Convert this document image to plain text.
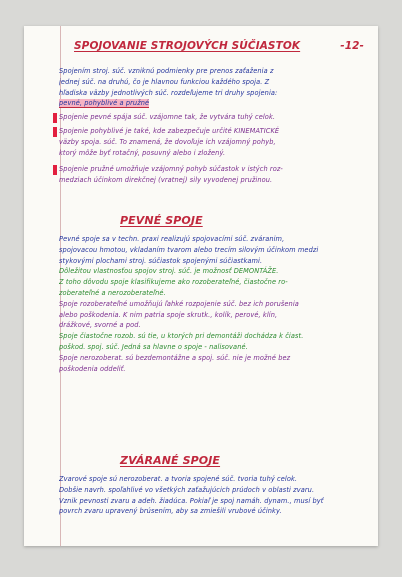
SPOJOVANIE STROJOVÝCH SÚČIASTOK	-12-
Spojením stroj. súč. vzniknú podmienky pre prenos zaťaženia z
jednej súč. na druhú, čo je hlavnou funkciou každého spoja. Z
hľadiska väzby jednotlivých súč. rozdeľujeme tri druhy spojenia:
pevné, pohyblivé a pružné
Spojenie pevné spája súč. vzájomne tak, že vytvára tuhý celok.
Spojenie pohyblivé je také, kde zabezpečuje určité KINEMATICKÉ
väzby spoja. súč. To znamená, že dovoľuje ich vzájomný pohyb,
ktorý môže byť rotačný, posuvný alebo i zložený.
Spojenie pružné umožňuje vzájomný pohyb súčastok v istých roz-
medziach účinkom direkčnej (vratnej) sily vyvodenej pružinou.
PEVNÉ SPOJE
Pevné spoje sa v techn. praxi realizujú spojovacími súč. zváranim,
spojovacou hmotou, vkladaním tvarom alebo trecím silovým účinkom medzi
stykovými plochami stroj. súčiastok spojenými súčiastkami.
Dôležitou vlastnosťou spojov stroj. súč. je možnosť DEMONTÁŽE.
Z toho dôvodu spoje klasifikujeme ako rozoberateľné, čiastočne ro-
zoberateľné a nerozoberateľné.
Spoje rozoberateľné umožňujú ľahké rozpojenie súč. bez ich porušenia
alebo poškodenia. K nim patria spoje skrutk., kolík, perové, klín,
drážkové, svorné a pod.
Spoje čiastočne rozob. sú tie, u ktorých pri demontáži dochádza k čiast.
poškod. spoj. súč. Jedná sa hlavne o spoje - nalisované.
Spoje nerozoberat. sú bezdemontážne a spoj. súč. nie je možné bez
poškodenia oddeliť.
ZVÁRANÉ SPOJE
Zvarové spoje sú nerozoberat. a tvoria spojené súč. tvoria tuhý celok.
Dobšie navrh. spoľahlivé vo všetkých zaťažujúcich prúdoch v oblasti zvaru.
Vznik pevnosti zvaru a adeh. žiadúca. Pokiaľ je spoj namáh. dynam., musí byť
povrch zvaru upravený brúsením, aby sa zmiešili vrubové účinky.
